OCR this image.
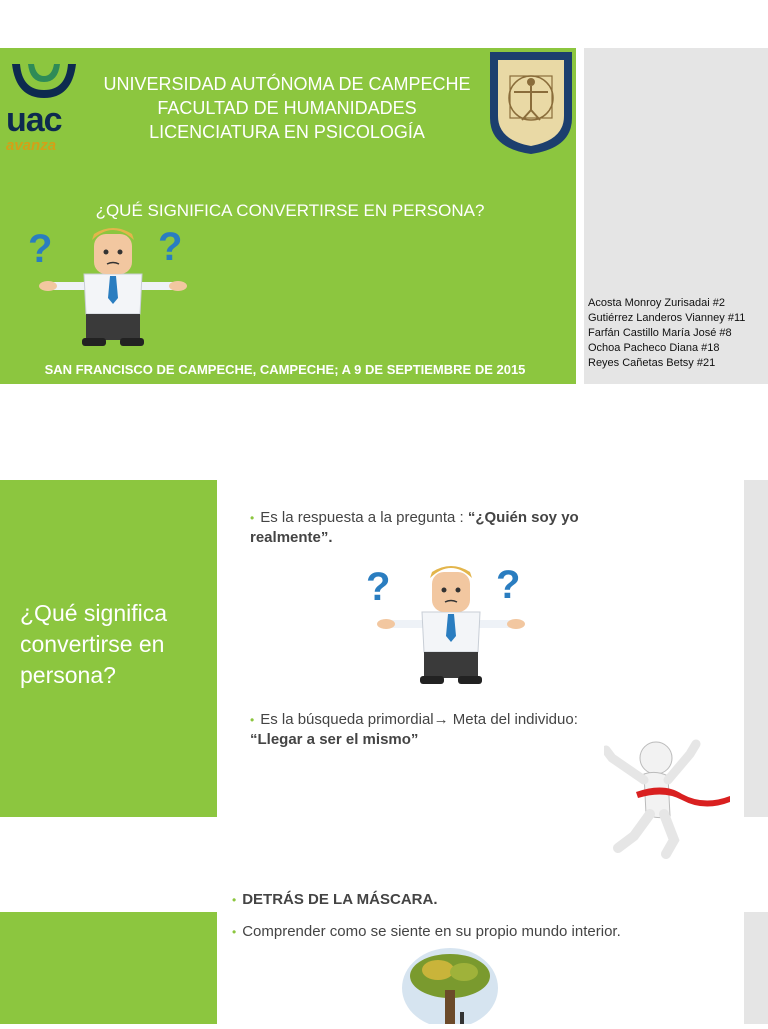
uac
avanza
UNIVERSIDAD AUTÓNOMA DE CAMPECHE
FACULTAD DE HUMANIDADES
LICENCIATURA EN PSICOLOGÍA
¿QUÉ SIGNIFICA CONVERTIRSE EN PERSONA?
?	?
SAN FRANCISCO DE CAMPECHE, CAMPECHE; A 9 DE SEPTIEMBRE DE 2015
Acosta Monroy Zurisadai #2
Gutiérrez Landeros Vianney #11
Farfán Castillo María José #8
Ochoa Pacheco Diana #18
Reyes Cañetas Betsy #21
¿Qué significa convertirse en persona?
• Es la respuesta a la pregunta : “¿Quién soy yo realmente”.
?	?
• Es la búsqueda primordial→ Meta del individuo:
“Llegar a ser el mismo”
• DETRÁS DE LA MÁSCARA.
• Comprender como se siente en su propio mundo interior.
